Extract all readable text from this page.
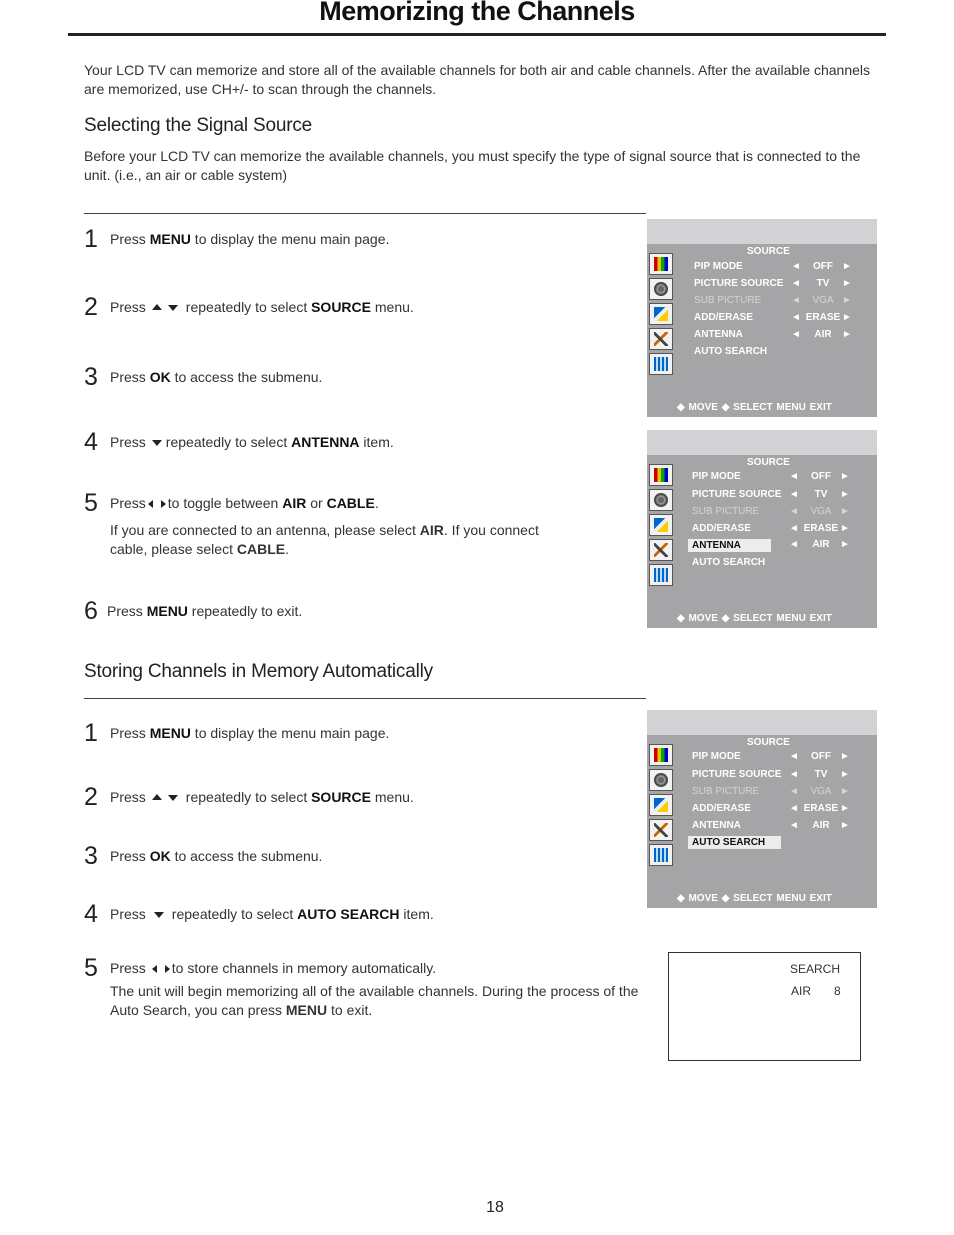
Memorizing the Channels
Your LCD TV can memorize and store all of the available channels for both air and cable channels. After the available channels are memorized, use CH+/- to scan through the channels.
Selecting the Signal Source
Before your LCD TV can memorize the available channels, you must specify the type of signal source that is connected to the unit. (i.e., an air or cable system)
1 Press MENU to display the menu main page.
2 Press	repeatedly to select SOURCE menu.
3 Press OK to access the submenu.
4 Press repeatedly to select ANTENNA item.
5 Press to toggle between AIR or CABLE.
If you are connected to an antenna, please select AIR. If you connect cable, please select CABLE.
6 Press MENU repeatedly to exit.
Storing Channels in Memory Automatically
1 Press MENU to display the menu main page.
2 Press	repeatedly to select SOURCE menu.
3 Press OK to access the submenu.
4 Press repeatedly to select AUTO SEARCH item.
5 Press to store channels in memory automatically.
The unit will begin memorizing all of the available channels. During the process of the Auto Search, you can press MENU to exit.
SOURCE
PIP MODE	◄	OFF ►
PICTURE SOURCE ◄	TV	►
SUB PICTURE	◄	VGA ►
ADD/ERASE	◄ ERASE ►
ANTENNA	◄	AIR	►
AUTO SEARCH
◆ MOVE ◆ SELECT MENU EXIT
SOURCE
PIP MODE	◄	OFF ►
PICTURE SOURCE ◄	TV	►
SUB PICTURE	◄	VGA ►
ADD/ERASE	◄ ERASE ►
ANTENNA	◄	AIR	►
AUTO SEARCH
◆ MOVE ◆ SELECT MENU EXIT
SOURCE
PIP MODE	◄	OFF ►
PICTURE SOURCE ◄	TV	►
SUB PICTURE	◄	VGA ►
ADD/ERASE	◄ ERASE ►
ANTENNA	◄	AIR	►
AUTO SEARCH
◆ MOVE ◆ SELECT MENU EXIT
SEARCH
AIR 8
18
